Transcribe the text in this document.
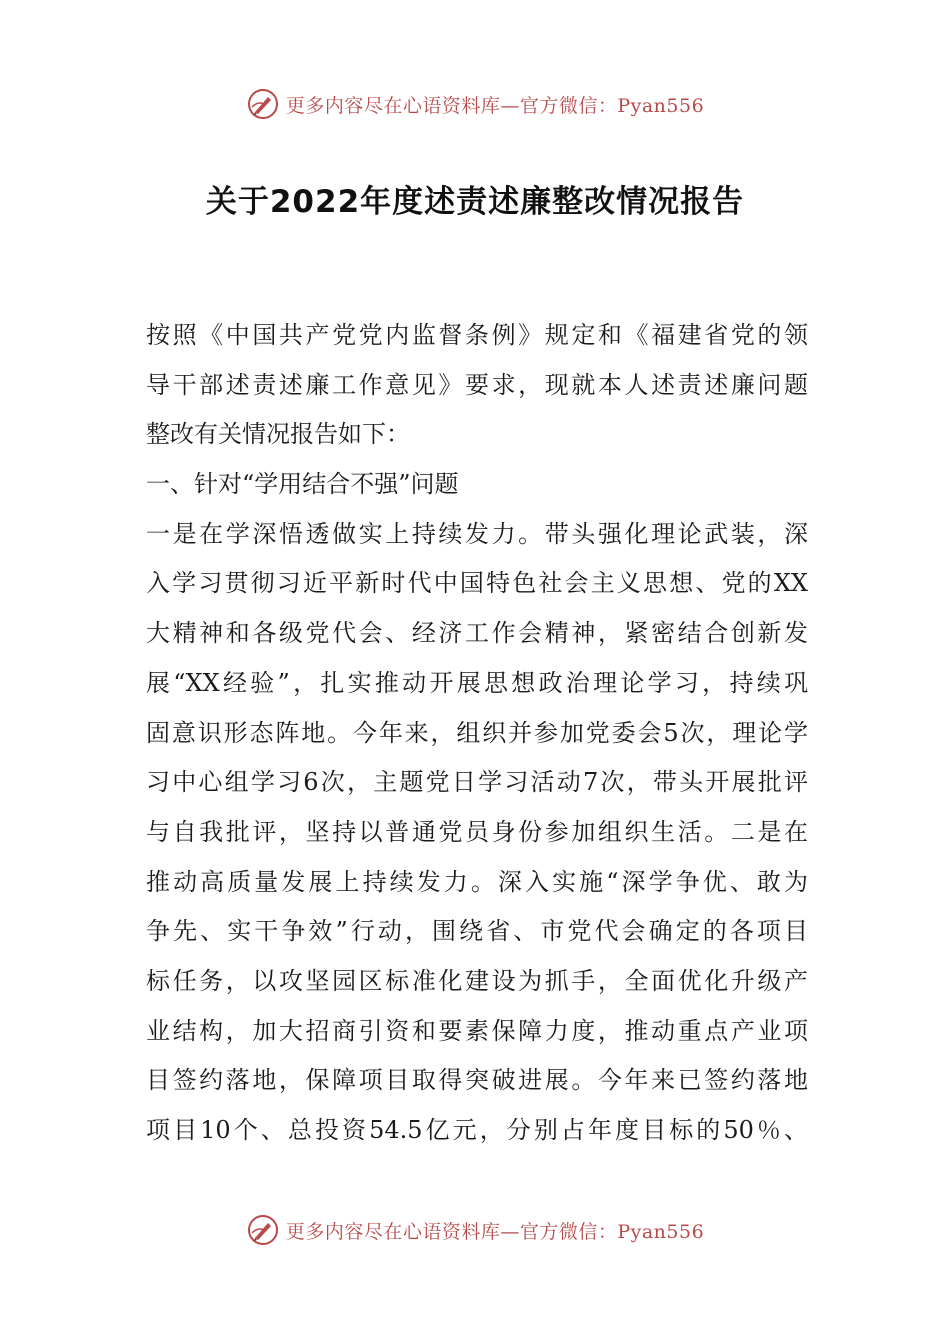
更多内容尽在心语资料库—官方微信：Pyan556
关于2022年度述责述廉整改情况报告
按照《中国共产党党内监督条例》规定和《福建省党的领
导干部述责述廉工作意见》要求，现就本人述责述廉问题
整改有关情况报告如下：
一、针对“学用结合不强”问题
一是在学深悟透做实上持续发力。带头强化理论武装，深
入学习贯彻习近平新时代中国特色社会主义思想、党的XX
大精神和各级党代会、经济工作会精神，紧密结合创新发
展“XX经验”，扎实推动开展思想政治理论学习，持续巩
固意识形态阵地。今年来，组织并参加党委会5次，理论学
习中心组学习6次，主题党日学习活动7次，带头开展批评
与自我批评，坚持以普通党员身份参加组织生活。二是在
推动高质量发展上持续发力。深入实施“深学争优、敢为
争先、实干争效”行动，围绕省、市党代会确定的各项目
标任务，以攻坚园区标准化建设为抓手，全面优化升级产
业结构，加大招商引资和要素保障力度，推动重点产业项
目签约落地，保障项目取得突破进展。今年来已签约落地
项目10个、总投资54.5亿元，分别占年度目标的50％、
更多内容尽在心语资料库—官方微信：Pyan556
